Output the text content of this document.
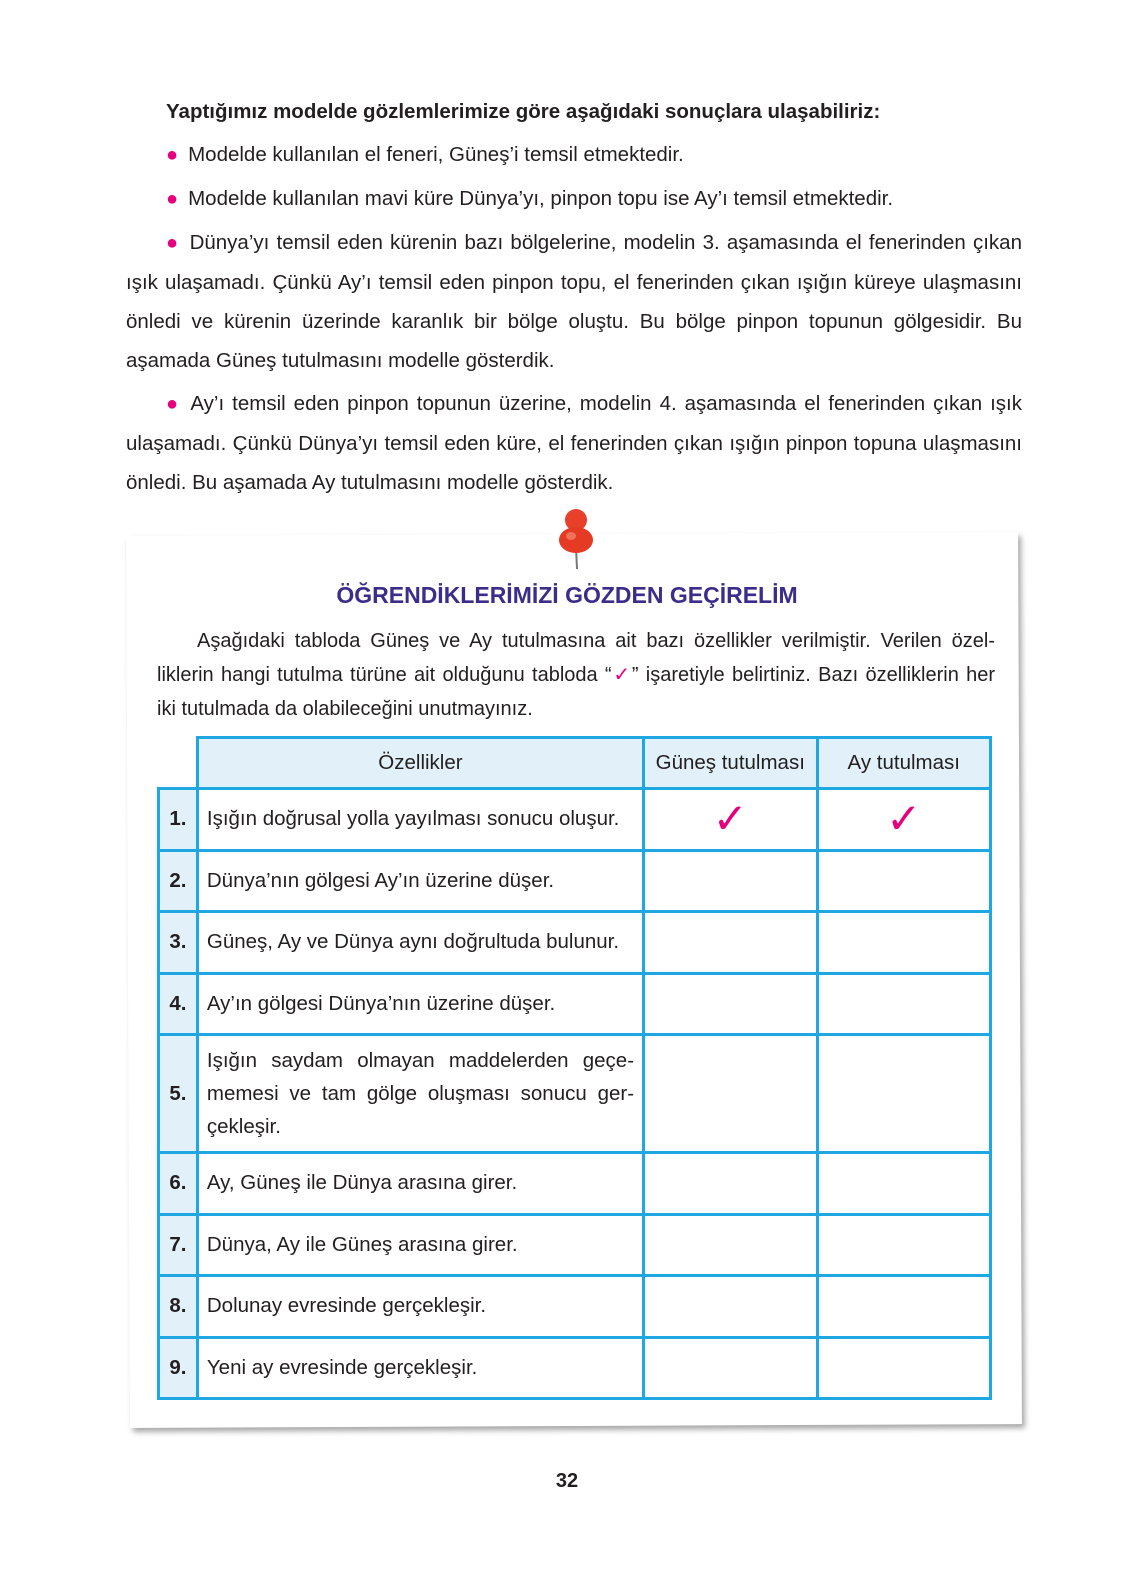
Yaptığımız modelde gözlemlerimize göre aşağıdaki sonuçlara ulaşabiliriz:

● Modelde kullanılan el feneri, Güneş’i temsil etmektedir.

● Modelde kullanılan mavi küre Dünya’yı, pinpon topu ise Ay’ı temsil etmektedir.

● Dünya’yı temsil eden kürenin bazı bölgelerine, modelin 3. aşamasında el fenerinden çıkan ışık ulaşamadı. Çünkü Ay’ı temsil eden pinpon topu, el fenerinden çıkan ışığın küreye ulaşmasını önledi ve kürenin üzerinde karanlık bir bölge oluştu. Bu bölge pinpon topunun gölgesidir. Bu aşamada Güneş tutulmasını modelle gösterdik.

● Ay’ı temsil eden pinpon topunun üzerine, modelin 4. aşamasında el fenerinden çıkan ışık ulaşamadı. Çünkü Dünya’yı temsil eden küre, el fenerinden çıkan ışığın pinpon topuna ulaşmasını önledi. Bu aşamada Ay tutulmasını modelle gösterdik.

ÖĞRENDİKLERİMİZİ GÖZDEN GEÇİRELİM

Aşağıdaki tabloda Güneş ve Ay tutulmasına ait bazı özellikler verilmiştir. Verilen özelliklerin hangi tutulma türüne ait olduğunu tabloda “✓” işaretiyle belirtiniz. Bazı özelliklerin her iki tutulmada da olabileceğini unutmayınız.

	Özellikler	Güneş tutulması	Ay tutulması
1.	Işığın doğrusal yolla yayılması sonucu oluşur.	✓	✓
2.	Dünya’nın gölgesi Ay’ın üzerine düşer.		
3.	Güneş, Ay ve Dünya aynı doğrultuda bulunur.		
4.	Ay’ın gölgesi Dünya’nın üzerine düşer.		
5.	Işığın saydam olmayan maddelerden geçememesi ve tam gölge oluşması sonucu gerçekleşir.		
6.	Ay, Güneş ile Dünya arasına girer.		
7.	Dünya, Ay ile Güneş arasına girer.		
8.	Dolunay evresinde gerçekleşir.		
9.	Yeni ay evresinde gerçekleşir.		
32
